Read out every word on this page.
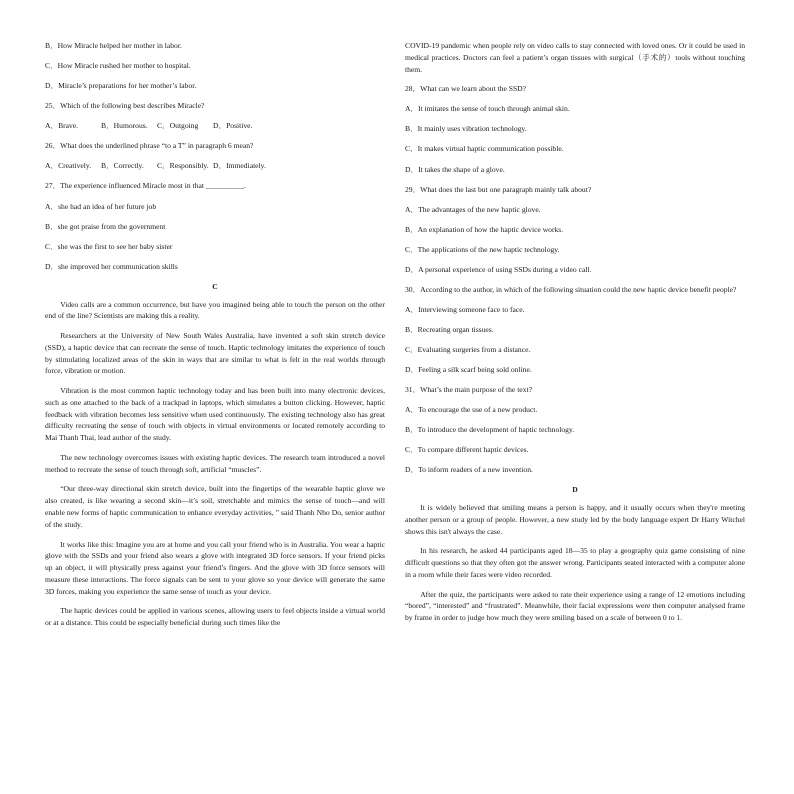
B．How Miracle helped her mother in labor.

C．How Miracle rushed her mother to hospital.

D．Miracle’s preparations for her mother’s labor.

25．Which of the following best describes Miracle?

A．Brave.	B．Humorous.	C．Outgoing	D．Positive.

26．What does the underlined phrase “to a T” in paragraph 6 mean?

A．Creatively.	B．Correctly.	C．Responsibly. D．Immediately.

27．The experience influenced Miracle most in that __________.

A．she had an idea of her future job

B．she got praise from the government

C．she was the first to see her baby sister

D．she improved her communication skills

C

Video calls are a common occurrence, but have you imagined being able to touch the person on the other end of the line? Scientists are making this a reality.

Researchers at the University of New South Wales Australia, have invented a soft skin stretch device (SSD), a haptic device that can recreate the sense of touch. Haptic technology imitates the experience of touch by stimulating localized areas of the skin in ways that are similar to what is felt in the real worlds through force, vibration or motion.

Vibration is the most common haptic technology today and has been built into many electronic devices, such as one attached to the back of a trackpad in laptops, which simulates a button clicking. However, haptic feedback with vibration becomes less sensitive when used continuously. The existing technology also has great difficulty recreating the sense of touch with objects in virtual environments or located remotely according to Mai Thanh Thai, lead author of the study.

The new technology overcomes issues with existing haptic devices. The research team introduced a novel method to recreate the sense of touch through soft, artificial “muscles”.

“Our three-way directional skin stretch device, built into the fingertips of the wearable haptic glove we also created, is like wearing a second skin—it’s soil, stretchable and mimics the sense of touch—and will enable new forms of haptic communication to enhance everyday activities, ” said Thanh Nho Do, senior author of the study.

It works like this: Imagine you are at home and you call your friend who is in Australia. You wear a haptic glove with the SSDs and your friend also wears a glove with integrated 3D force sensors. If your friend picks up an object, it will physically press against your friend’s fingers. And the glove with 3D force sensors will measure these interactions. The force signals can be sent to your glove so your device will generate the same 3D forces, making you experience the same sense of touch as your device.

The haptic devices could be applied in various scenes, allowing users to feel objects inside a virtual world or at a distance. This could be especially beneficial during such times like the

COVID-19 pandemic when people rely on video calls to stay connected with loved ones. Or it could be used in medical practices. Doctors can feel a patient’s organ tissues with surgical（手术的）tools without touching them.

28．What can we learn about the SSD?

A．It imitates the sense of touch through animal skin.

B．It mainly uses vibration technology.

C．It makes virtual haptic communication possible.

D．It takes the shape of a glove.

29．What does the last but one paragraph mainly talk about?

A．The advantages of the new haptic glove.

B．An explanation of how the haptic device works.

C．The applications of the new haptic technology.

D．A personal experience of using SSDs during a video call.

30．According to the author, in which of the following situation could the new haptic device benefit people?

A．Interviewing someone face to face.

B．Recreating organ tissues.

C．Evaluating surgeries from a distance.

D．Feeling a silk scarf being sold online.

31．What’s the main purpose of the text?

A．To encourage the use of a new product.

B．To introduce the development of haptic technology.

C．To compare different haptic devices.

D．To inform readers of a new invention.

D

It is widely believed that smiling means a person is happy, and it usually occurs when they're meeting another person or a group of people. However, a new study led by the body language expert Dr Harry Witchel shows this isn't always the case.

In his research, he asked 44 participants aged 18—35 to play a geography quiz game consisting of nine difficult questions so that they often got the answer wrong. Participants seated interacted with a computer alone in a room while their faces were video recorded.

After the quiz, the participants were asked to rate their experience using a range of 12 emotions including “bored”, “interested” and “frustrated”. Meanwhile, their facial expressions were then computer analysed frame by frame in order to judge how much they were smiling based on a scale of between 0 to 1.
